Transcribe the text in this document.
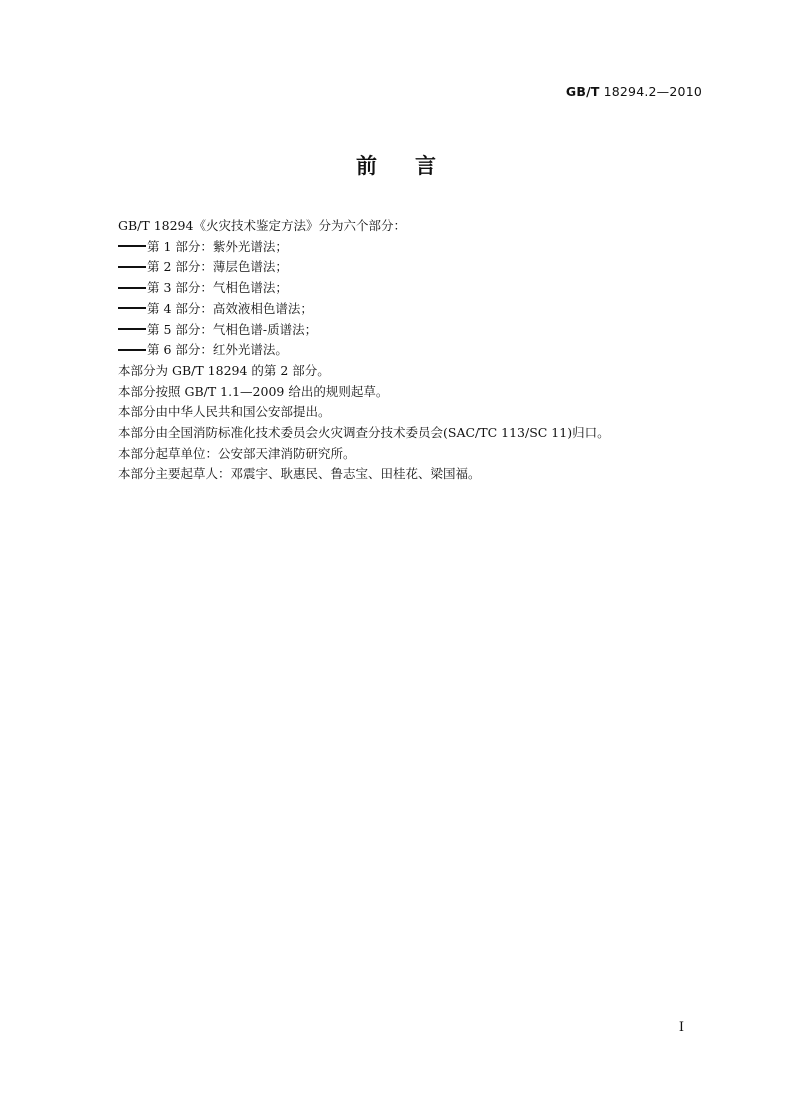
GB/T 18294.2—2010
前言
GB/T 18294《火灾技术鉴定方法》分为六个部分：
第 1 部分：紫外光谱法；
第 2 部分：薄层色谱法；
第 3 部分：气相色谱法；
第 4 部分：高效液相色谱法；
第 5 部分：气相色谱-质谱法；
第 6 部分：红外光谱法。
本部分为 GB/T 18294 的第 2 部分。
本部分按照 GB/T 1.1—2009 给出的规则起草。
本部分由中华人民共和国公安部提出。
本部分由全国消防标准化技术委员会火灾调查分技术委员会(SAC/TC 113/SC 11)归口。
本部分起草单位：公安部天津消防研究所。
本部分主要起草人：邓震宇、耿惠民、鲁志宝、田桂花、梁国福。
I
